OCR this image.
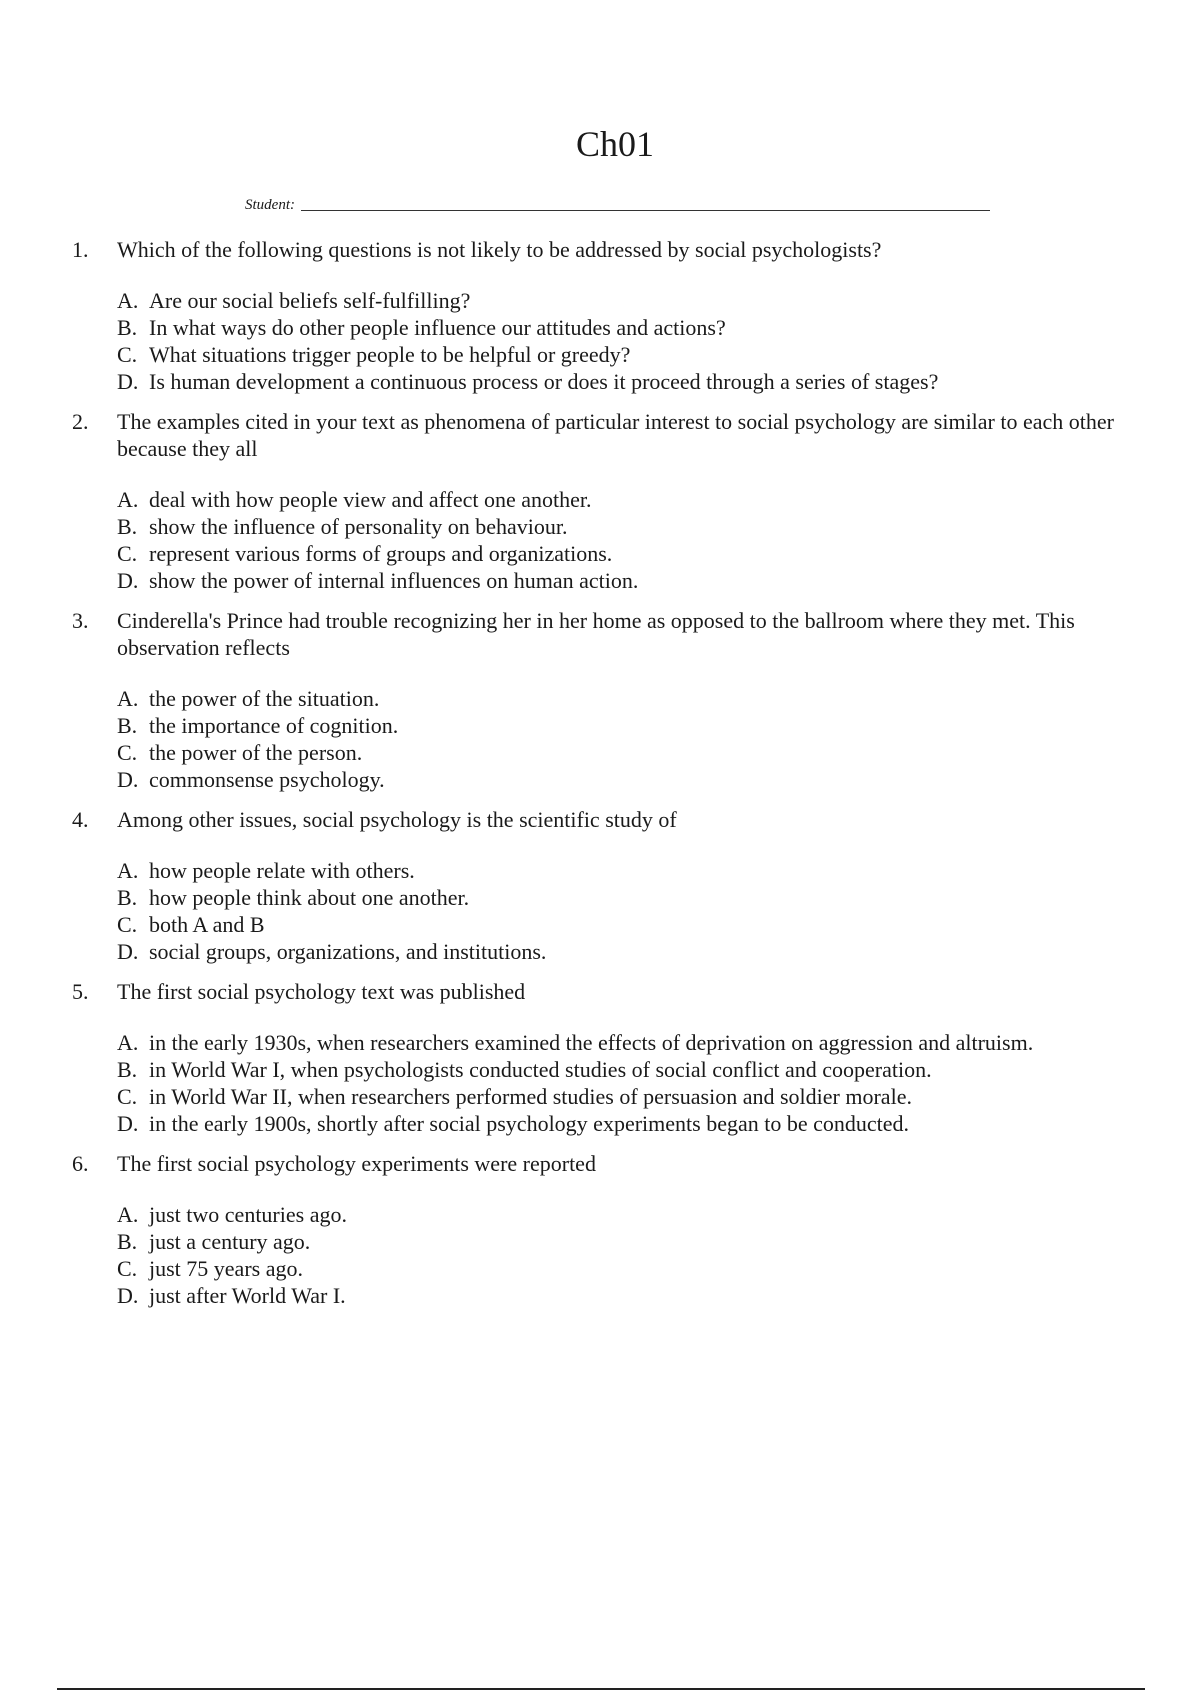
Ch01
Student:
1.	Which of the following questions is not likely to be addressed by social psychologists?

A. Are our social beliefs self-fulfilling?
B. In what ways do other people influence our attitudes and actions?
C. What situations trigger people to be helpful or greedy?
D. Is human development a continuous process or does it proceed through a series of stages?
2.	The examples cited in your text as phenomena of particular interest to social psychology are similar to each other because they all

A. deal with how people view and affect one another.
B. show the influence of personality on behaviour.
C. represent various forms of groups and organizations.
D. show the power of internal influences on human action.
3.	Cinderella's Prince had trouble recognizing her in her home as opposed to the ballroom where they met. This observation reflects

A. the power of the situation.
B. the importance of cognition.
C. the power of the person.
D. commonsense psychology.
4.	Among other issues, social psychology is the scientific study of

A. how people relate with others.
B. how people think about one another.
C. both A and B
D. social groups, organizations, and institutions.
5.	The first social psychology text was published

A. in the early 1930s, when researchers examined the effects of deprivation on aggression and altruism.
B. in World War I, when psychologists conducted studies of social conflict and cooperation.
C. in World War II, when researchers performed studies of persuasion and soldier morale.
D. in the early 1900s, shortly after social psychology experiments began to be conducted.
6.	The first social psychology experiments were reported

A. just two centuries ago.
B. just a century ago.
C. just 75 years ago.
D. just after World War I.
